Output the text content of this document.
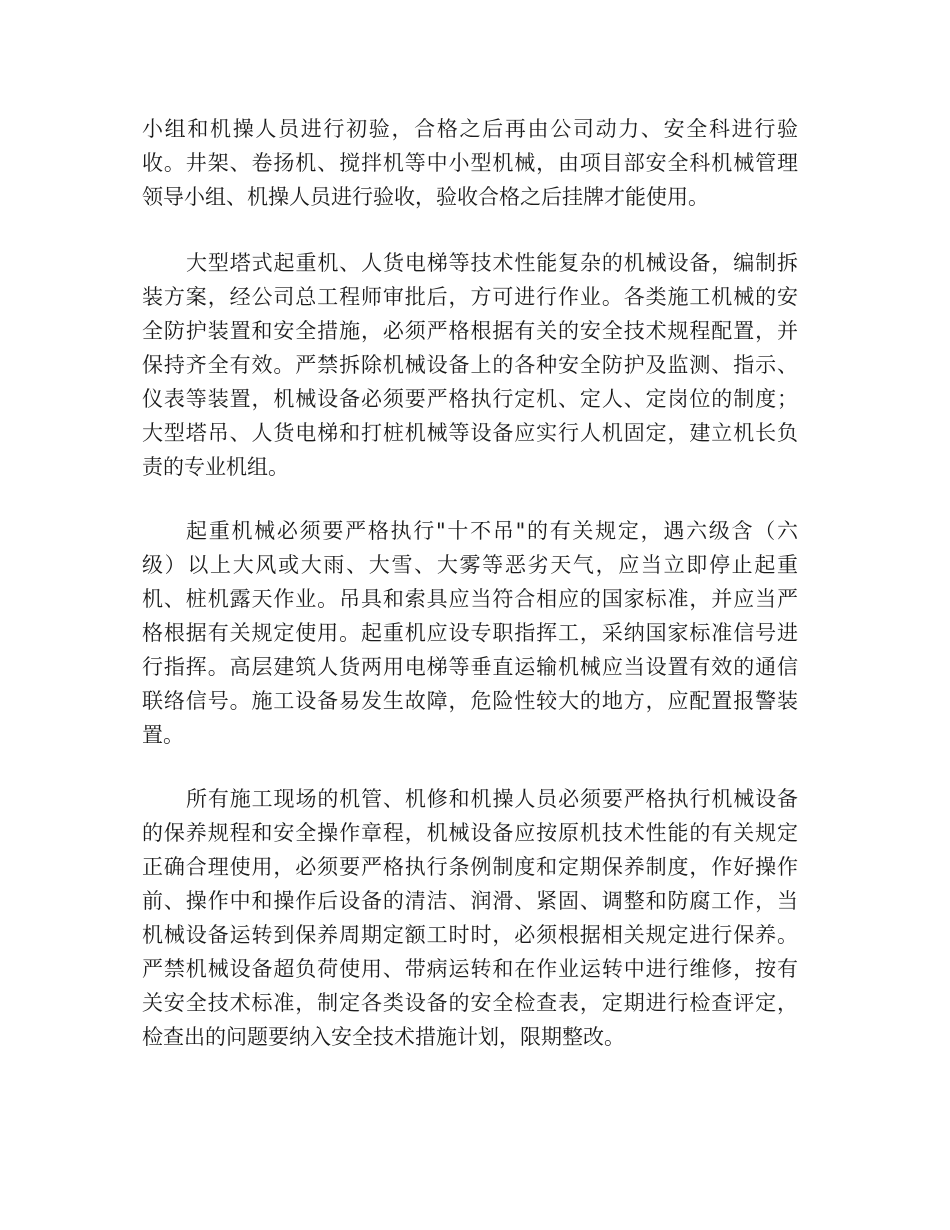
小组和机操人员进行初验，合格之后再由公司动力、安全科进行验
收。井架、卷扬机、搅拌机等中小型机械，由项目部安全科机械管理
领导小组、机操人员进行验收，验收合格之后挂牌才能使用。
大型塔式起重机、人货电梯等技术性能复杂的机械设备，编制拆
装方案，经公司总工程师审批后，方可进行作业。各类施工机械的安
全防护装置和安全措施，必须严格根据有关的安全技术规程配置，并
保持齐全有效。严禁拆除机械设备上的各种安全防护及监测、指示、
仪表等装置，机械设备必须要严格执行定机、定人、定岗位的制度；
大型塔吊、人货电梯和打桩机械等设备应实行人机固定，建立机长负
责的专业机组。
起重机械必须要严格执行"十不吊"的有关规定，遇六级含（六
级）以上大风或大雨、大雪、大雾等恶劣天气，应当立即停止起重
机、桩机露天作业。吊具和索具应当符合相应的国家标准，并应当严
格根据有关规定使用。起重机应设专职指挥工，采纳国家标准信号进
行指挥。高层建筑人货两用电梯等垂直运输机械应当设置有效的通信
联络信号。施工设备易发生故障，危险性较大的地方，应配置报警装
置。
所有施工现场的机管、机修和机操人员必须要严格执行机械设备
的保养规程和安全操作章程，机械设备应按原机技术性能的有关规定
正确合理使用，必须要严格执行条例制度和定期保养制度，作好操作
前、操作中和操作后设备的清洁、润滑、紧固、调整和防腐工作，当
机械设备运转到保养周期定额工时时，必须根据相关规定进行保养。
严禁机械设备超负荷使用、带病运转和在作业运转中进行维修，按有
关安全技术标准，制定各类设备的安全检查表，定期进行检查评定，
检查出的问题要纳入安全技术措施计划，限期整改。
